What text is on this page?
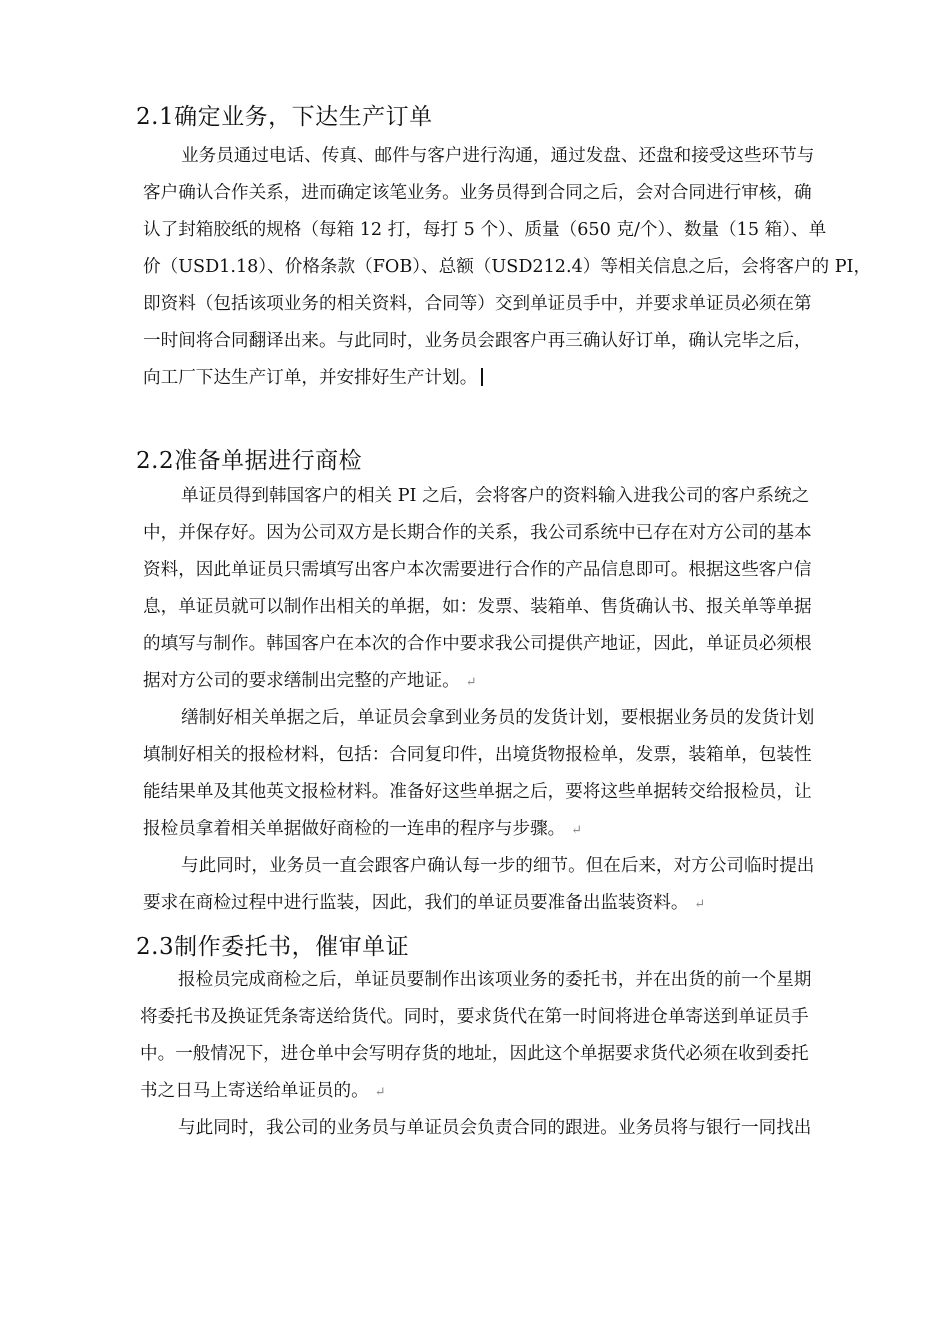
2.1确定业务，下达生产订单
业务员通过电话、传真、邮件与客户进行沟通，通过发盘、还盘和接受这些环节与
客户确认合作关系，进而确定该笔业务。业务员得到合同之后，会对合同进行审核，确
认了封箱胶纸的规格（每箱 12 打，每打 5 个）、质量（650 克/个）、数量（15 箱）、单
价（USD1.18）、价格条款（FOB）、总额（USD212.4）等相关信息之后，会将客户的 PI，
即资料（包括该项业务的相关资料，合同等）交到单证员手中，并要求单证员必须在第
一时间将合同翻译出来。与此同时，业务员会跟客户再三确认好订单，确认完毕之后，
向工厂下达生产订单，并安排好生产计划。
2.2准备单据进行商检
单证员得到韩国客户的相关 PI 之后，会将客户的资料输入进我公司的客户系统之
中，并保存好。因为公司双方是长期合作的关系，我公司系统中已存在对方公司的基本
资料，因此单证员只需填写出客户本次需要进行合作的产品信息即可。根据这些客户信
息，单证员就可以制作出相关的单据，如：发票、装箱单、售货确认书、报关单等单据
的填写与制作。韩国客户在本次的合作中要求我公司提供产地证，因此，单证员必须根
据对方公司的要求缮制出完整的产地证。 ↵
缮制好相关单据之后，单证员会拿到业务员的发货计划，要根据业务员的发货计划
填制好相关的报检材料，包括：合同复印件，出境货物报检单，发票，装箱单，包装性
能结果单及其他英文报检材料。准备好这些单据之后，要将这些单据转交给报检员，让
报检员拿着相关单据做好商检的一连串的程序与步骤。 ↵
与此同时，业务员一直会跟客户确认每一步的细节。但在后来，对方公司临时提出
要求在商检过程中进行监装，因此，我们的单证员要准备出监装资料。 ↵
2.3制作委托书，催审单证
报检员完成商检之后，单证员要制作出该项业务的委托书，并在出货的前一个星期
将委托书及换证凭条寄送给货代。同时，要求货代在第一时间将进仓单寄送到单证员手
中。一般情况下，进仓单中会写明存货的地址，因此这个单据要求货代必须在收到委托
书之日马上寄送给单证员的。 ↵
与此同时，我公司的业务员与单证员会负责合同的跟进。业务员将与银行一同找出
